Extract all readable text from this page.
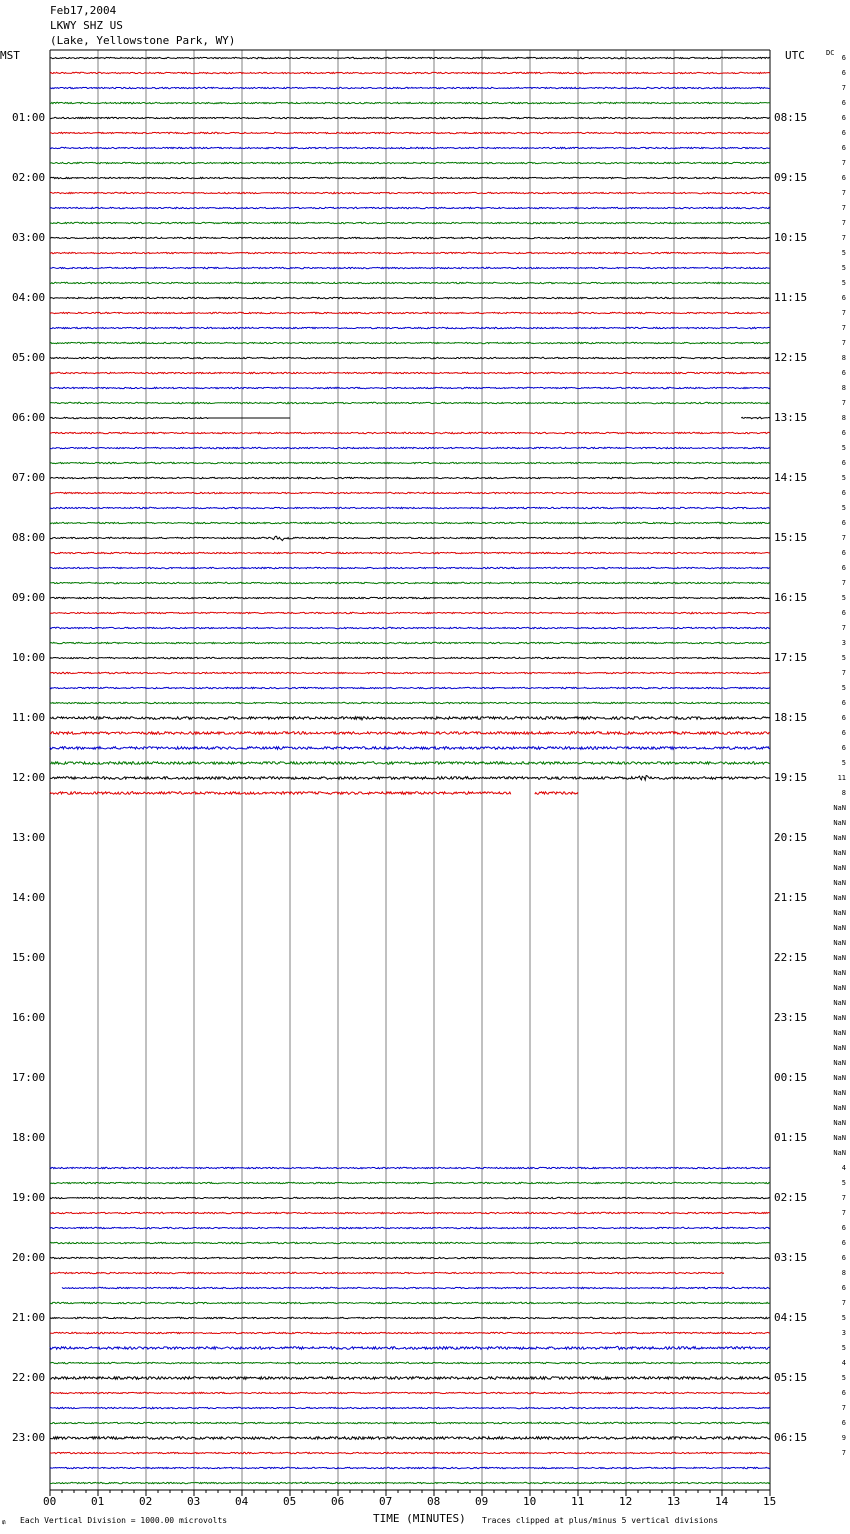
Feb17,2004
LKWY SHZ US
(Lake, Yellowstone Park, WY)
MST	UTC	DC
01:00
02:00
03:00
04:00
05:00
06:00
07:00
08:00
09:00
10:00
11:00
12:00
13:00
14:00
15:00
16:00
17:00
18:00
19:00
20:00
21:00
22:00
23:00
08:15
09:15
10:15
11:15
12:15
13:15
14:15
15:15
16:15
17:15
18:15
19:15
20:15
21:15
22:15
23:15
00:15
01:15
02:15
03:15
04:15
05:15
06:15
6
6
7
6
6
6
6
7
6
7
7
7
7
5
5
5
6
7
7
7
8
6
8
7
8
6
5
6
5
6
5
6
7
6
6
7
5
6
7
3
5
7
5
6
6
6
6
5
11
8
NaN
NaN
NaN
NaN
NaN
NaN
NaN
NaN
NaN
NaN
NaN
NaN
NaN
NaN
NaN
NaN
NaN
NaN
NaN
NaN
NaN
NaN
NaN
NaN
4
5
7
7
6
6
6
8
6
7
5
3
5
4
5
6
7
6
9
7
00	01	02	03	04	05	06	07	08	09	10	11	12	13	14	15
₥ Each Vertical Division = 1000.00 microvolts	TIME (MINUTES) Traces clipped at plus/minus 5 vertical divisions
